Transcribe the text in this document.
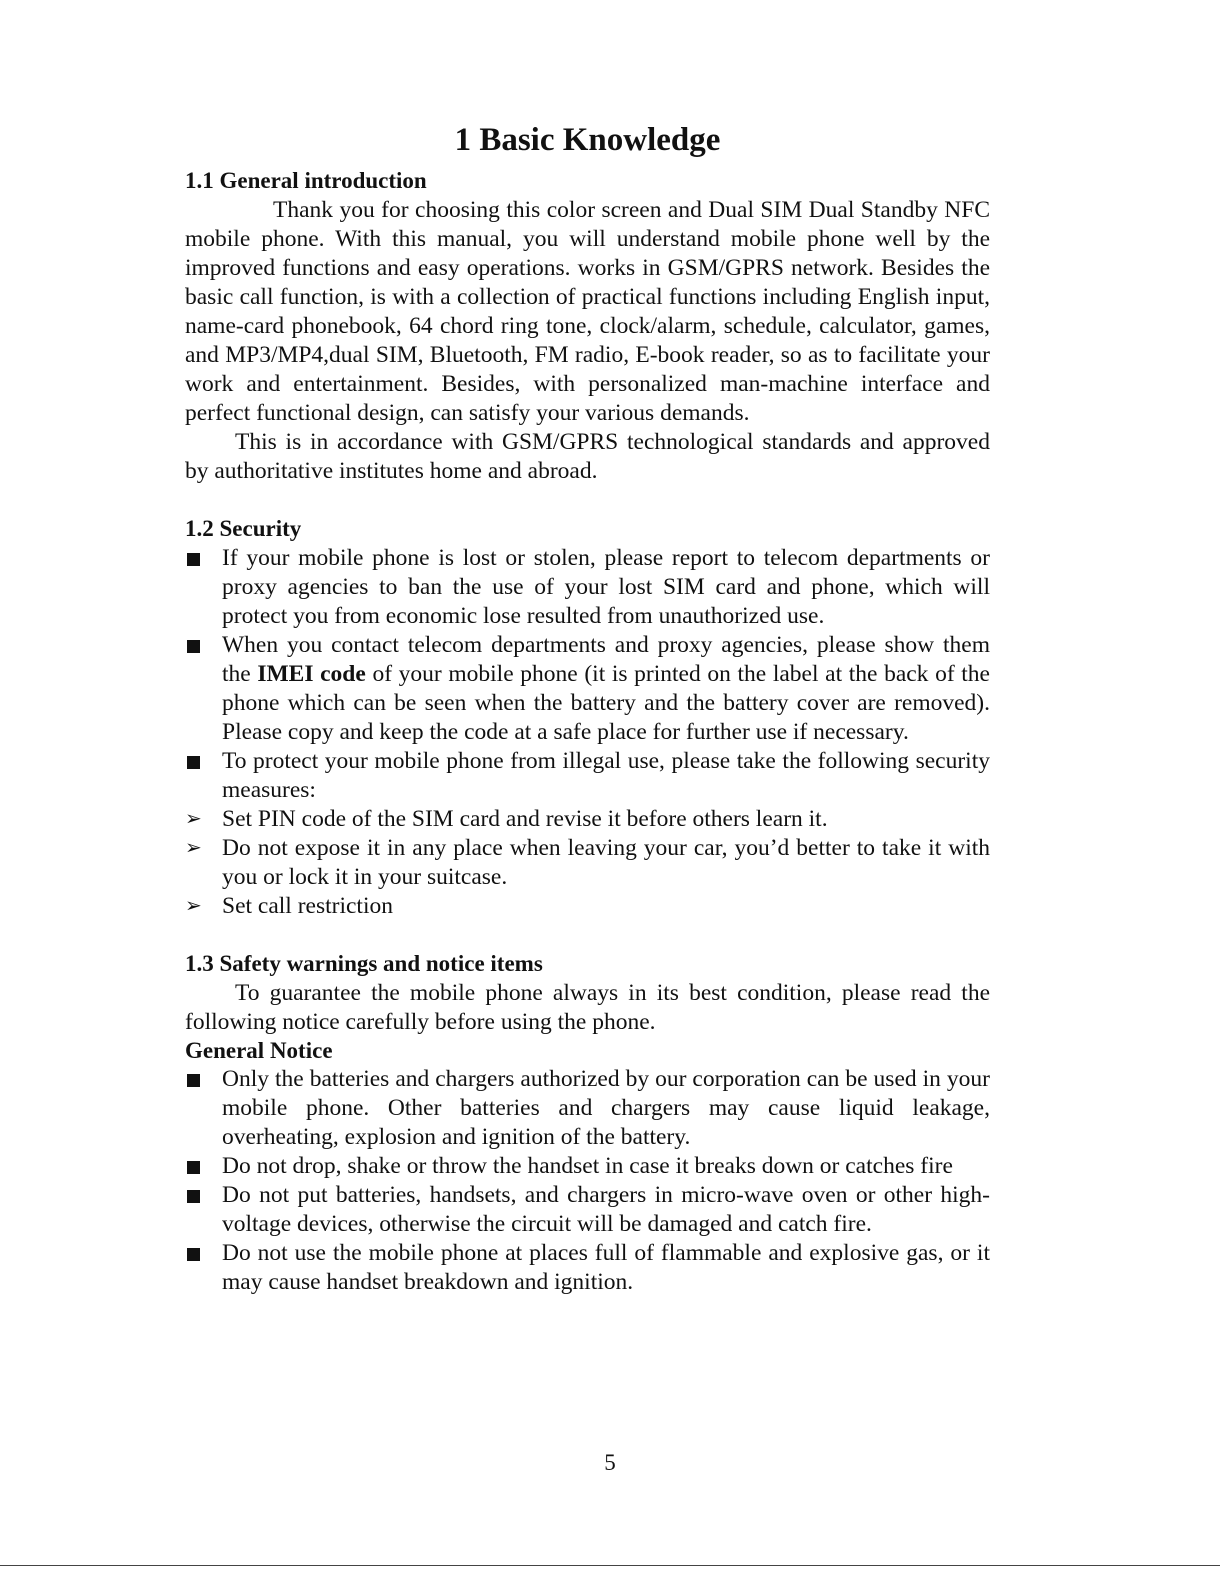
1 Basic Knowledge
1.1 General introduction

Thank you for choosing this color screen and Dual SIM Dual Standby NFC mobile phone. With this manual, you will understand mobile phone well by the improved functions and easy operations. works in GSM/GPRS network. Besides the basic call function, is with a collection of practical functions including English input, name-card phonebook, 64 chord ring tone, clock/alarm, schedule, calculator, games, and MP3/MP4,dual SIM, Bluetooth, FM radio, E-book reader, so as to facilitate your work and entertainment. Besides, with personalized man-machine interface and perfect functional design, can satisfy your various demands.

This is in accordance with GSM/GPRS technological standards and approved by authoritative institutes home and abroad.

1.2 Security
If your mobile phone is lost or stolen, please report to telecom departments or proxy agencies to ban the use of your lost SIM card and phone, which will protect you from economic lose resulted from unauthorized use.
When you contact telecom departments and proxy agencies, please show them the IMEI code of your mobile phone (it is printed on the label at the back of the phone which can be seen when the battery and the battery cover are removed). Please copy and keep the code at a safe place for further use if necessary.
To protect your mobile phone from illegal use, please take the following security measures:
➢ Set PIN code of the SIM card and revise it before others learn it.
➢ Do not expose it in any place when leaving your car, you’d better to take it with you or lock it in your suitcase.
➢ Set call restriction
1.3 Safety warnings and notice items

To guarantee the mobile phone always in its best condition, please read the following notice carefully before using the phone.

General Notice
Only the batteries and chargers authorized by our corporation can be used in your mobile phone. Other batteries and chargers may cause liquid leakage, overheating, explosion and ignition of the battery.
Do not drop, shake or throw the handset in case it breaks down or catches fire
Do not put batteries, handsets, and chargers in micro-wave oven or other high-voltage devices, otherwise the circuit will be damaged and catch fire.
Do not use the mobile phone at places full of flammable and explosive gas, or it may cause handset breakdown and ignition.
5
